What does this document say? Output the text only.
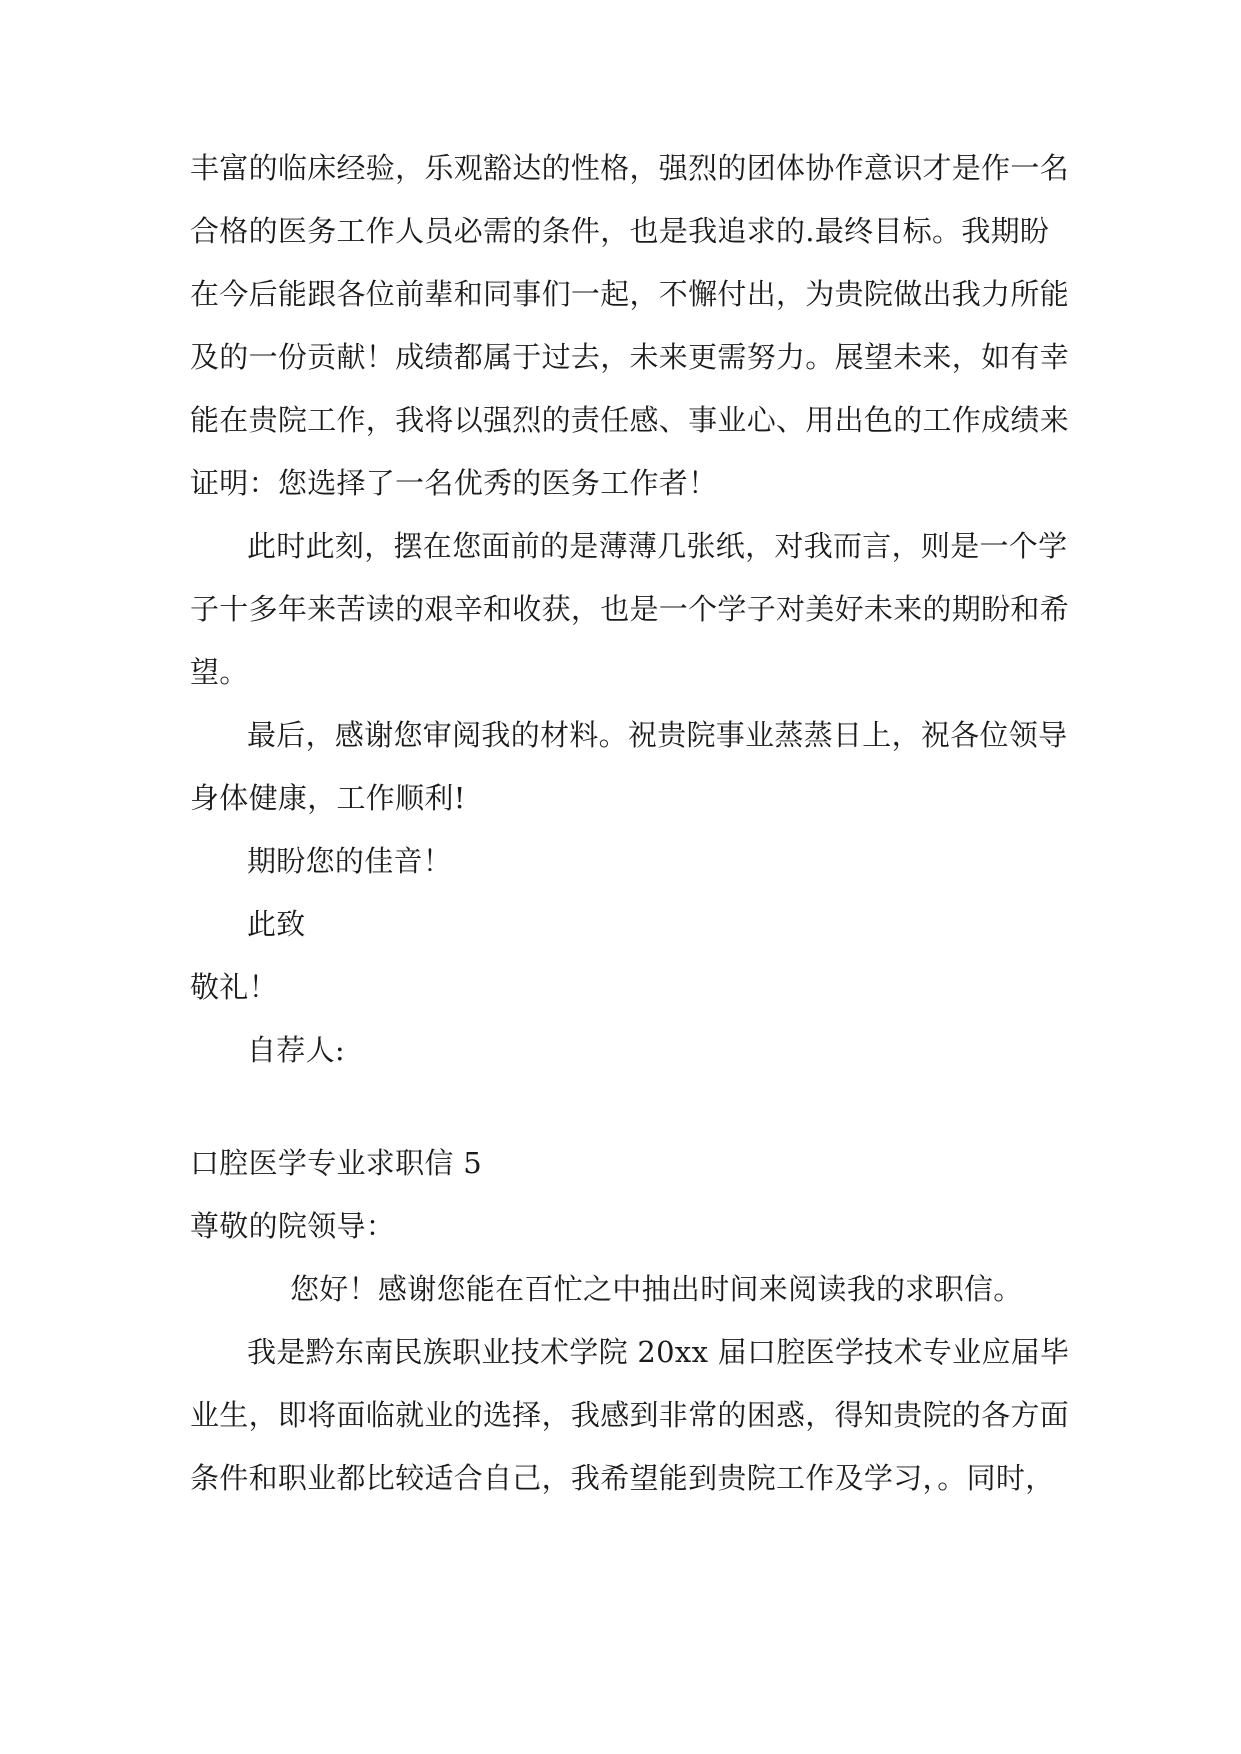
丰富的临床经验，乐观豁达的性格，强烈的团体协作意识才是作一名
合格的医务工作人员必需的条件，也是我追求的.最终目标。我期盼
在今后能跟各位前辈和同事们一起，不懈付出，为贵院做出我力所能
及的一份贡献！成绩都属于过去，未来更需努力。展望未来，如有幸
能在贵院工作，我将以强烈的责任感、事业心、用出色的工作成绩来
证明：您选择了一名优秀的医务工作者！
此时此刻，摆在您面前的是薄薄几张纸，对我而言，则是一个学
子十多年来苦读的艰辛和收获，也是一个学子对美好未来的期盼和希
望。
最后，感谢您审阅我的材料。祝贵院事业蒸蒸日上，祝各位领导
身体健康，工作顺利!
期盼您的佳音！
此致
敬礼！
自荐人:
口腔医学专业求职信 5
尊敬的院领导：
您好！感谢您能在百忙之中抽出时间来阅读我的求职信。
我是黔东南民族职业技术学院 20xx 届口腔医学技术专业应届毕
业生，即将面临就业的选择，我感到非常的困惑，得知贵院的各方面
条件和职业都比较适合自己，我希望能到贵院工作及学习，。同时，
